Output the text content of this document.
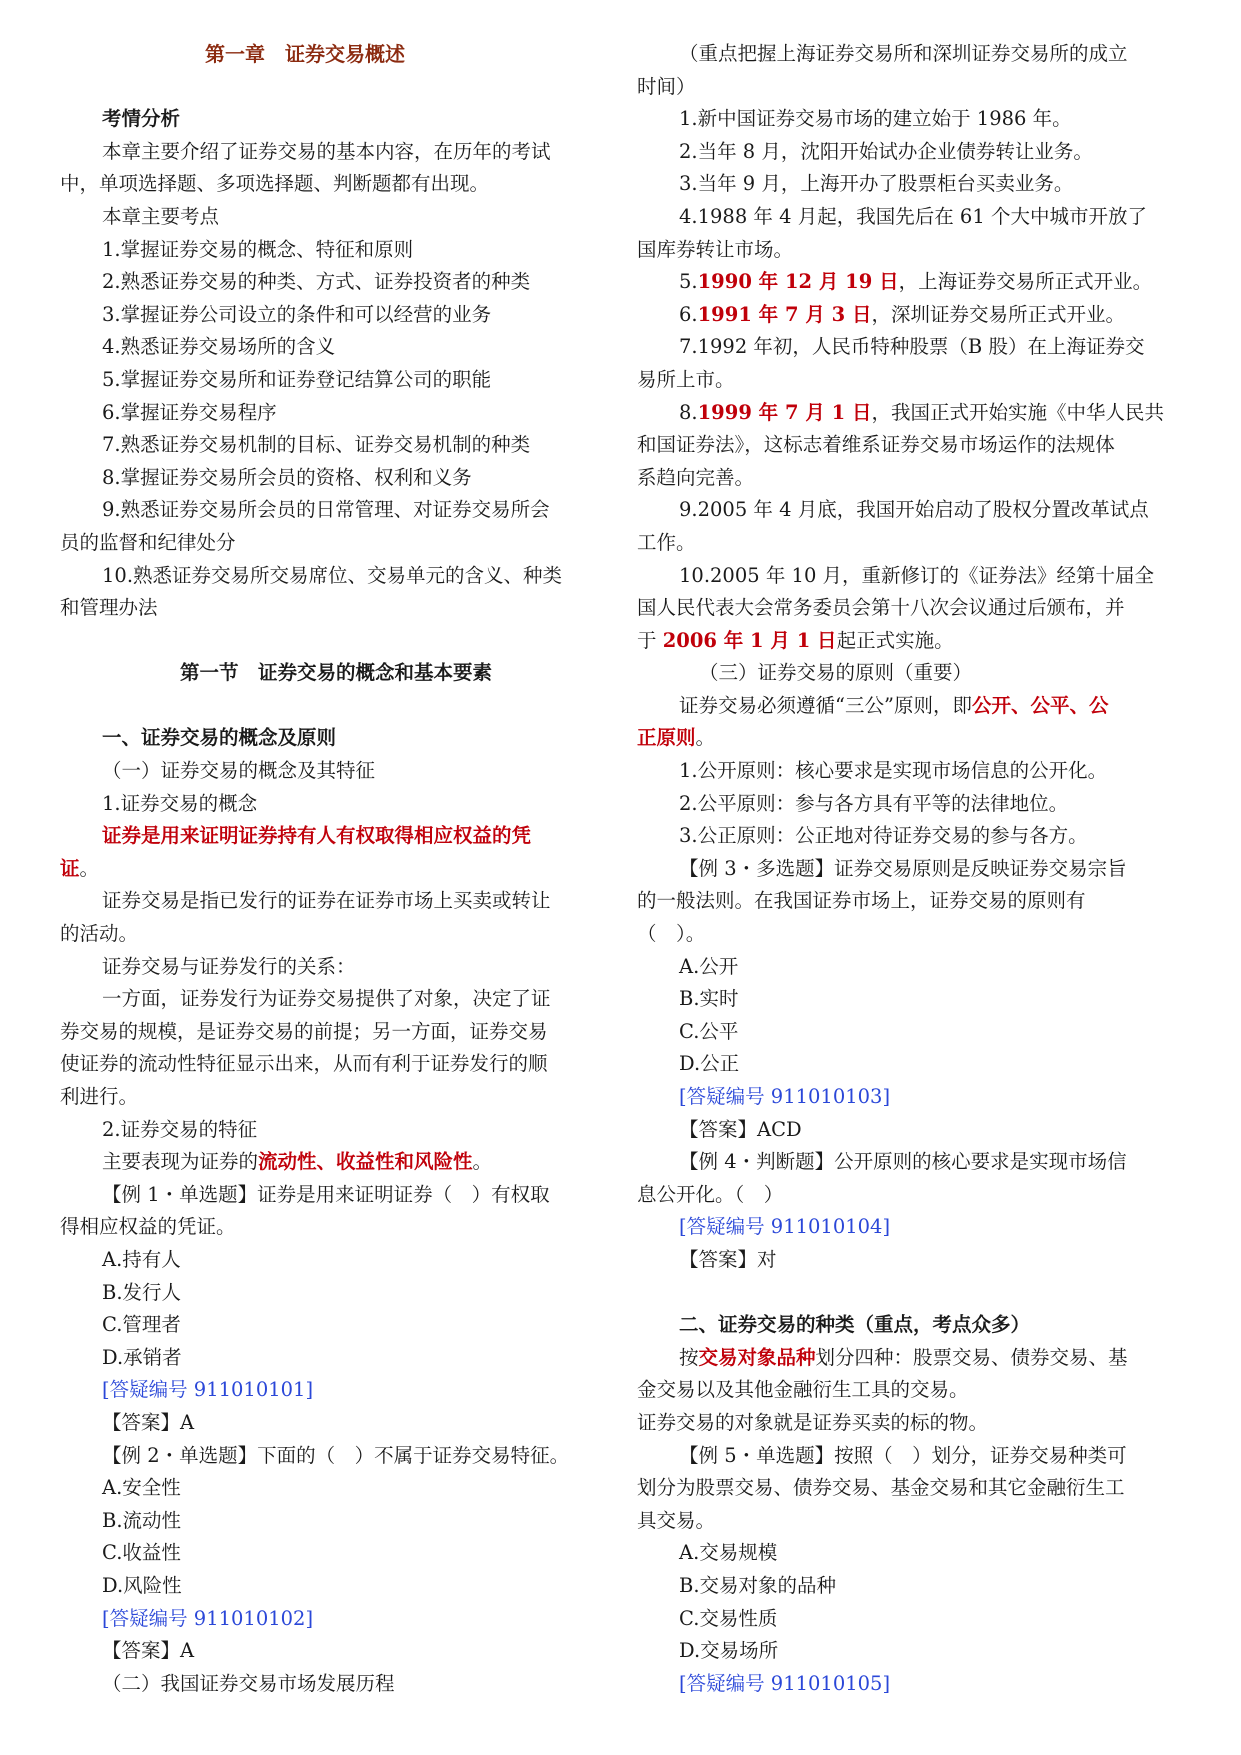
第一章　证券交易概述
考情分析
本章主要介绍了证券交易的基本内容，在历年的考试
中，单项选择题、多项选择题、判断题都有出现。
本章主要考点
1.掌握证券交易的概念、特征和原则
2.熟悉证券交易的种类、方式、证券投资者的种类
3.掌握证券公司设立的条件和可以经营的业务
4.熟悉证券交易场所的含义
5.掌握证券交易所和证券登记结算公司的职能
6.掌握证券交易程序
7.熟悉证券交易机制的目标、证券交易机制的种类
8.掌握证券交易所会员的资格、权利和义务
9.熟悉证券交易所会员的日常管理、对证券交易所会
员的监督和纪律处分
10.熟悉证券交易所交易席位、交易单元的含义、种类
和管理办法
第一节　证券交易的概念和基本要素
一、证券交易的概念及原则
（一）证券交易的概念及其特征
1.证券交易的概念
证券是用来证明证券持有人有权取得相应权益的凭
证。
证券交易是指已发行的证券在证券市场上买卖或转让
的活动。
证券交易与证券发行的关系：
一方面，证券发行为证券交易提供了对象，决定了证
券交易的规模，是证券交易的前提；另一方面，证券交易
使证券的流动性特征显示出来，从而有利于证券发行的顺
利进行。
2.证券交易的特征
主要表现为证券的流动性、收益性和风险性。
【例 1・单选题】证券是用来证明证券（　）有权取
得相应权益的凭证。
A.持有人
B.发行人
C.管理者
D.承销者
[答疑编号 911010101]
【答案】A
【例 2・单选题】下面的（　）不属于证券交易特征。
A.安全性
B.流动性
C.收益性
D.风险性
[答疑编号 911010102]
【答案】A
（二）我国证券交易市场发展历程
（重点把握上海证券交易所和深圳证券交易所的成立
时间）
1.新中国证券交易市场的建立始于 1986 年。
2.当年 8 月，沈阳开始试办企业债券转让业务。
3.当年 9 月，上海开办了股票柜台买卖业务。
4.1988 年 4 月起，我国先后在 61 个大中城市开放了
国库券转让市场。
5.1990 年 12 月 19 日，上海证券交易所正式开业。
6.1991 年 7 月 3 日，深圳证券交易所正式开业。
7.1992 年初，人民币特种股票（B 股）在上海证券交
易所上市。
8.1999 年 7 月 1 日，我国正式开始实施《中华人民共
和国证券法》，这标志着维系证券交易市场运作的法规体
系趋向完善。
9.2005 年 4 月底，我国开始启动了股权分置改革试点
工作。
10.2005 年 10 月，重新修订的《证券法》经第十届全
国人民代表大会常务委员会第十八次会议通过后颁布，并
于 2006 年 1 月 1 日起正式实施。
（三）证券交易的原则（重要）
证券交易必须遵循“三公”原则，即公开、公平、公
正原则。
1.公开原则：核心要求是实现市场信息的公开化。
2.公平原则：参与各方具有平等的法律地位。
3.公正原则：公正地对待证券交易的参与各方。
【例 3・多选题】证券交易原则是反映证券交易宗旨
的一般法则。在我国证券市场上，证券交易的原则有
（　）。
A.公开
B.实时
C.公平
D.公正
[答疑编号 911010103]
【答案】ACD
【例 4・判断题】公开原则的核心要求是实现市场信
息公开化。（　）
[答疑编号 911010104]
【答案】对
二、证券交易的种类（重点，考点众多）
按交易对象品种划分四种：股票交易、债券交易、基
金交易以及其他金融衍生工具的交易。
证券交易的对象就是证券买卖的标的物。
【例 5・单选题】按照（　）划分，证券交易种类可
划分为股票交易、债券交易、基金交易和其它金融衍生工
具交易。
A.交易规模
B.交易对象的品种
C.交易性质
D.交易场所
[答疑编号 911010105]
